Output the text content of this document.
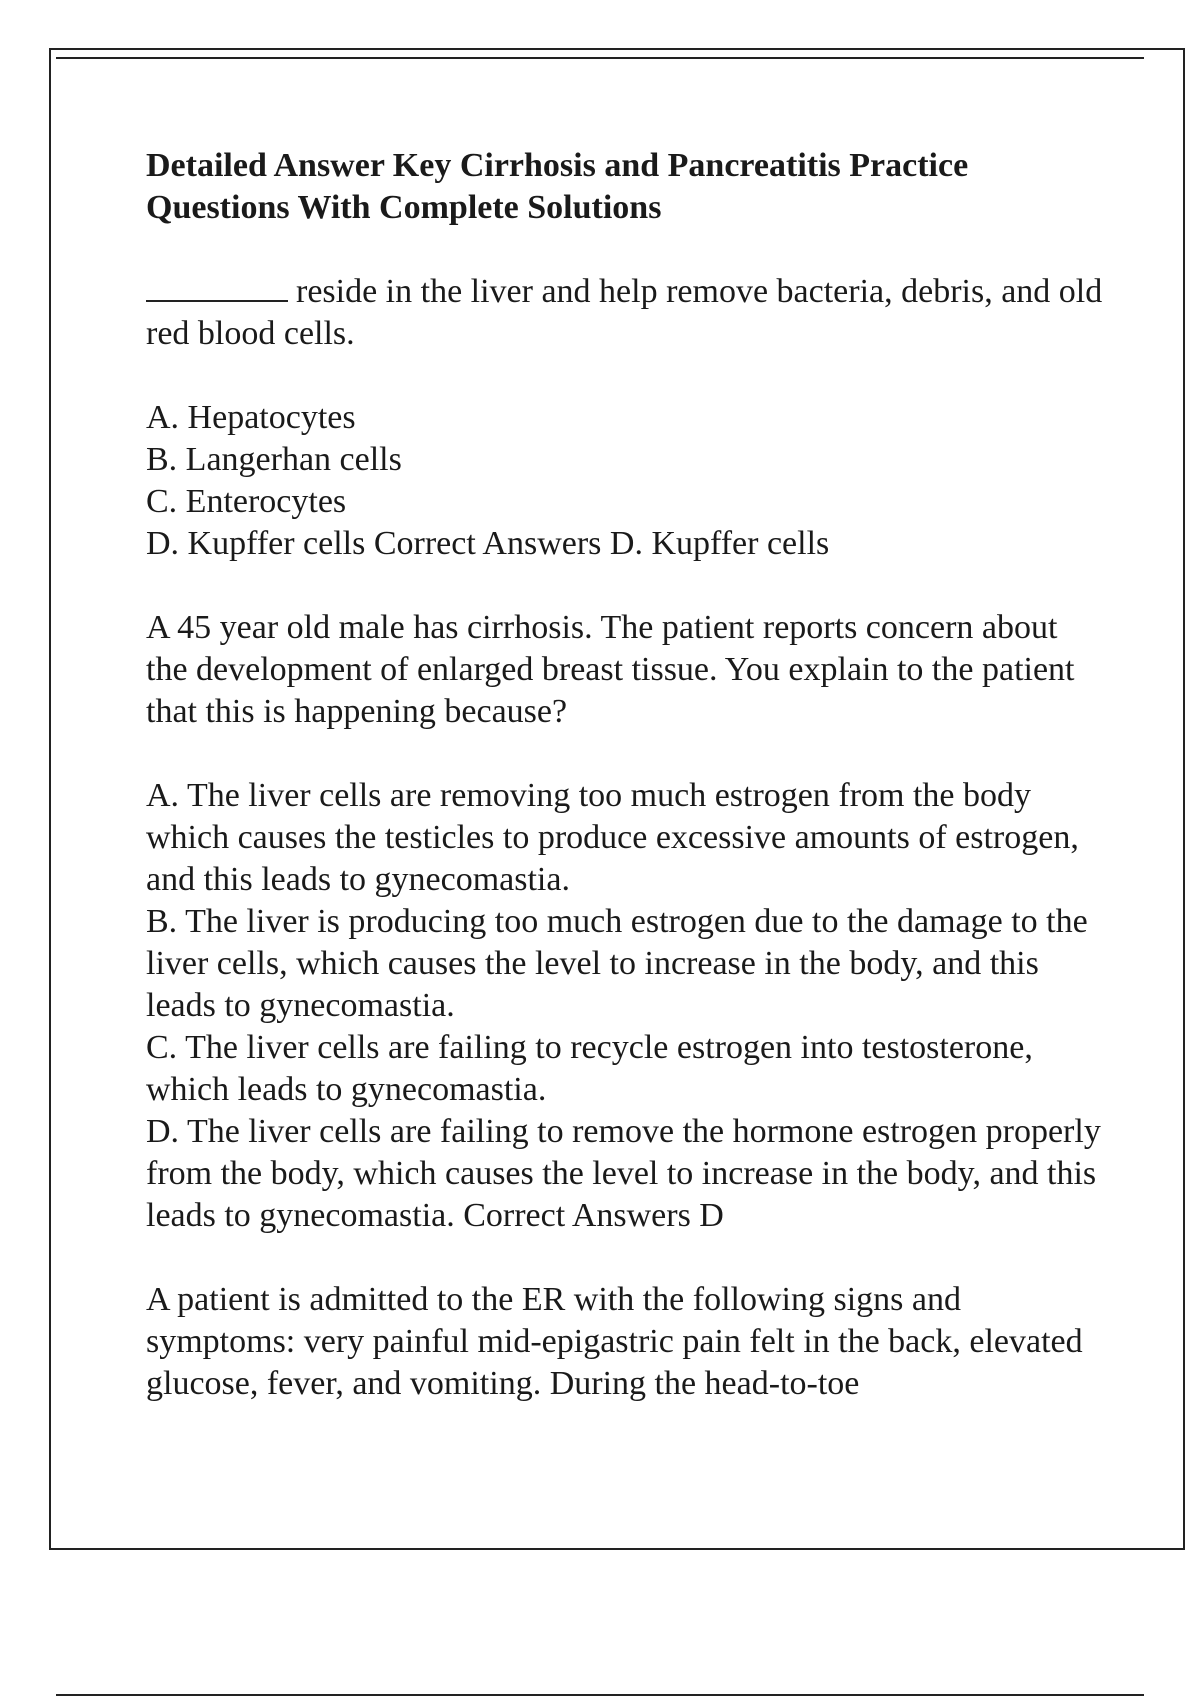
Detailed Answer Key Cirrhosis and Pancreatitis Practice Questions With Complete Solutions
reside in the liver and help remove bacteria, debris, and old red blood cells.
A. Hepatocytes
B. Langerhan cells
C. Enterocytes
D. Kupffer cells Correct Answers D. Kupffer cells
A 45 year old male has cirrhosis. The patient reports concern about the development of enlarged breast tissue. You explain to the patient that this is happening because?
A. The liver cells are removing too much estrogen from the body which causes the testicles to produce excessive amounts of estrogen, and this leads to gynecomastia.
B. The liver is producing too much estrogen due to the damage to the liver cells, which causes the level to increase in the body, and this leads to gynecomastia.
C. The liver cells are failing to recycle estrogen into testosterone, which leads to gynecomastia.
D. The liver cells are failing to remove the hormone estrogen properly from the body, which causes the level to increase in the body, and this leads to gynecomastia. Correct Answers D
A patient is admitted to the ER with the following signs and symptoms: very painful mid-epigastric pain felt in the back, elevated glucose, fever, and vomiting. During the head-to-toe
